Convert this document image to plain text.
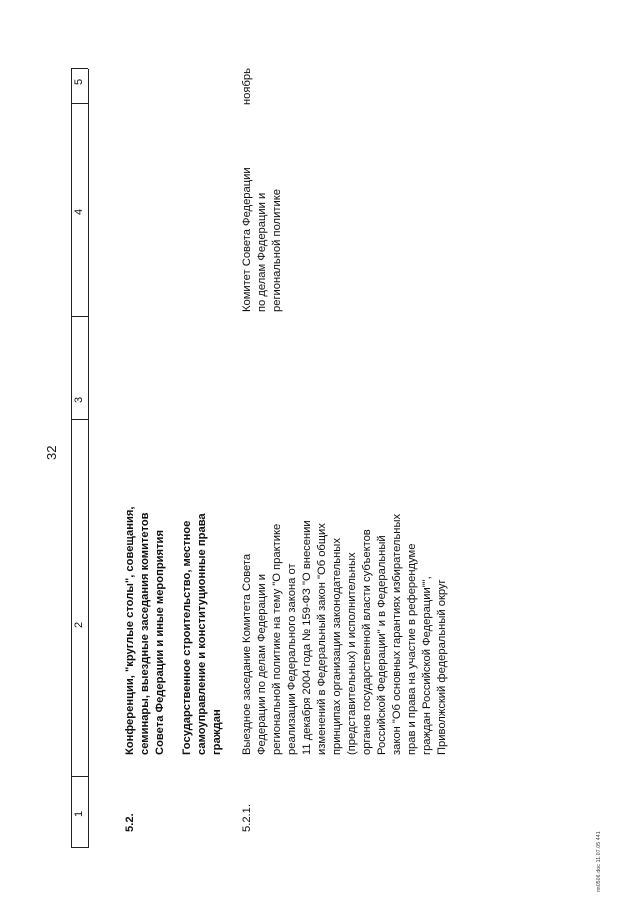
32
1
2
3
4
5
5.2.
Конференции, "круглые столы", совещания, семинары, выездные заседания комитетов Совета Федерации и иные мероприятия Государственное строительство, местное самоуправление и конституционные права граждан
5.2.1.
Выездное заседание Комитета Совета Федерации по делам Федерации и региональной политике на тему "О практике реализации Федерального закона от 11 декабря 2004 года № 159-ФЗ "О внесении изменений в Федеральный закон "Об общих принципах организации законодательных (представительных) и исполнительных органов государственной власти субъектов Российской Федерации" и в Федеральный закон "Об основных гарантиях избирательных прав и права на участие в референдуме граждан Российской Федерации"", Приволжский федеральный округ
Комитет Совета Федерации по делам Федерации и региональной политике
ноябрь
пп0506.doc 11.07.05 441
